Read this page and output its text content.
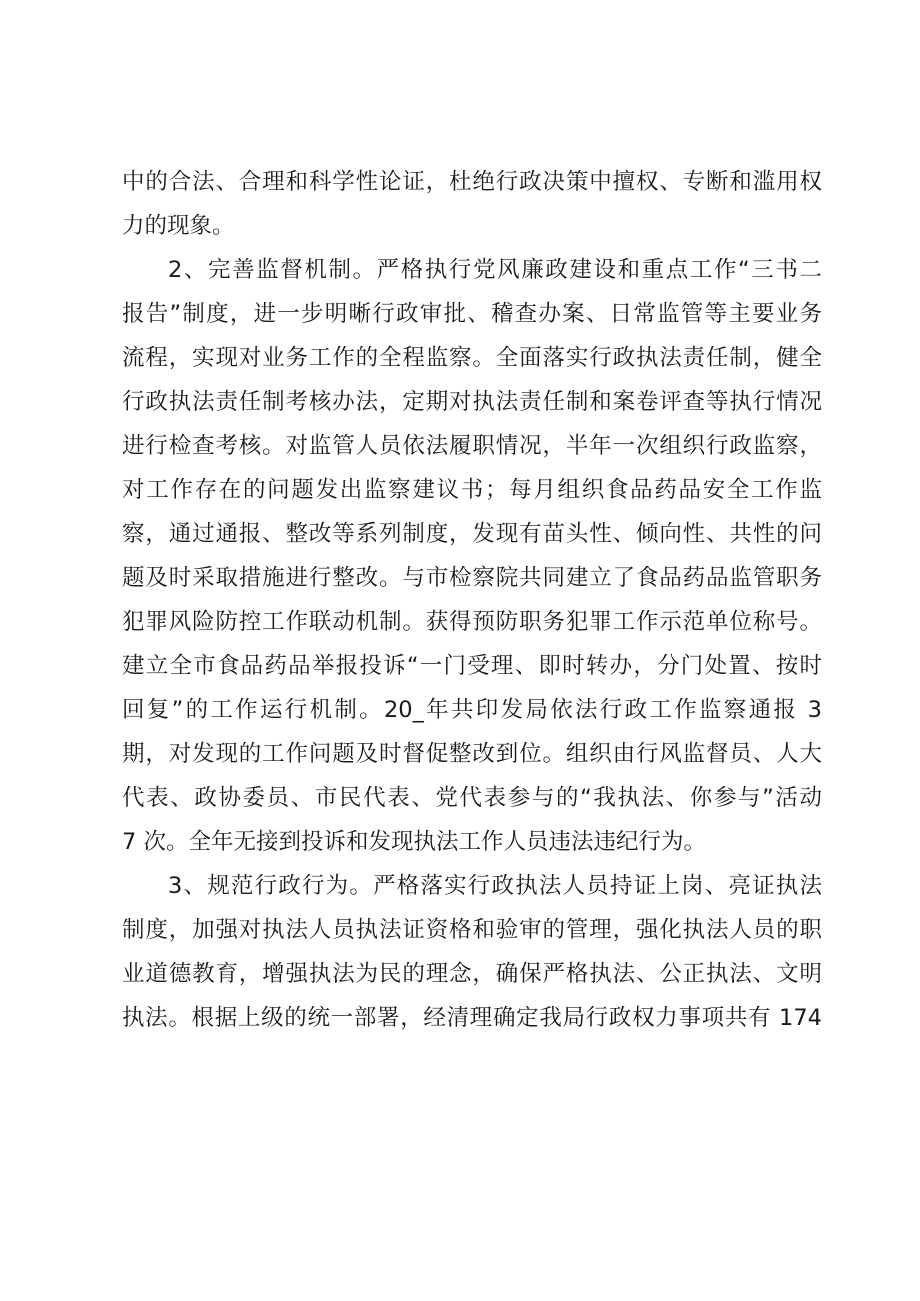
中的合法、合理和科学性论证，杜绝行政决策中擅权、专断和滥用权
力的现象。
2、完善监督机制。严格执行党风廉政建设和重点工作“三书二
报告”制度，进一步明晰行政审批、稽查办案、日常监管等主要业务
流程，实现对业务工作的全程监察。全面落实行政执法责任制，健全
行政执法责任制考核办法，定期对执法责任制和案卷评查等执行情况
进行检查考核。对监管人员依法履职情况，半年一次组织行政监察，
对工作存在的问题发出监察建议书；每月组织食品药品安全工作监
察，通过通报、整改等系列制度，发现有苗头性、倾向性、共性的问
题及时采取措施进行整改。与市检察院共同建立了食品药品监管职务
犯罪风险防控工作联动机制。获得预防职务犯罪工作示范单位称号。
建立全市食品药品举报投诉“一门受理、即时转办，分门处置、按时
回复”的工作运行机制。20_年共印发局依法行政工作监察通报 3
期，对发现的工作问题及时督促整改到位。组织由行风监督员、人大
代表、政协委员、市民代表、党代表参与的“我执法、你参与”活动
7 次。全年无接到投诉和发现执法工作人员违法违纪行为。
3、规范行政行为。严格落实行政执法人员持证上岗、亮证执法
制度，加强对执法人员执法证资格和验审的管理，强化执法人员的职
业道德教育，增强执法为民的理念，确保严格执法、公正执法、文明
执法。根据上级的统一部署，经清理确定我局行政权力事项共有 174
